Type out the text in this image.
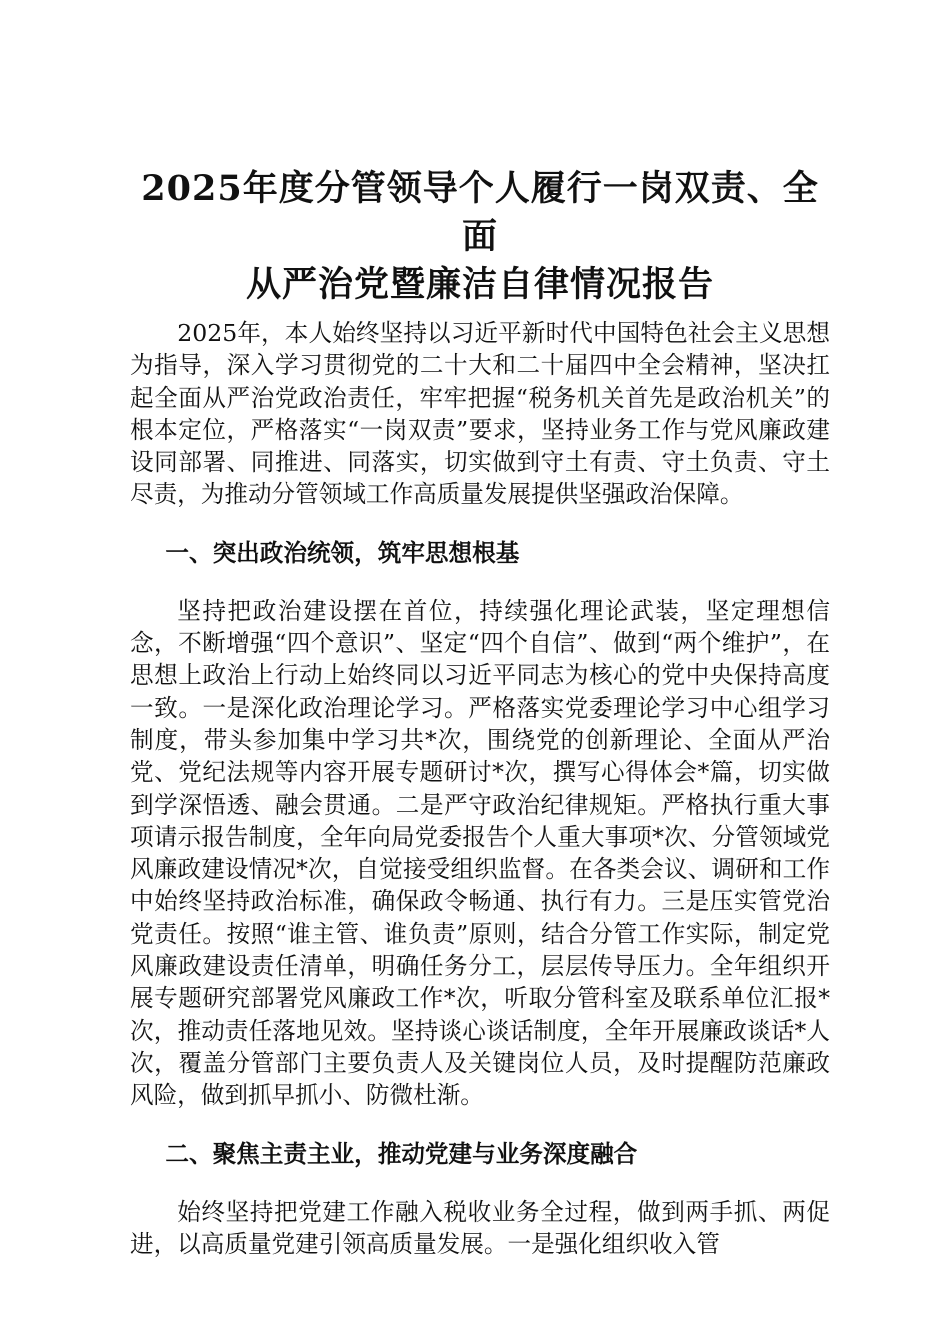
2025年度分管领导个人履行一岗双责、全面
从严治党暨廉洁自律情况报告

2025年，本人始终坚持以习近平新时代中国特色社会主义思想为指导，深入学习贯彻党的二十大和二十届四中全会精神，坚决扛起全面从严治党政治责任，牢牢把握“税务机关首先是政治机关”的根本定位，严格落实“一岗双责”要求，坚持业务工作与党风廉政建设同部署、同推进、同落实，切实做到守土有责、守土负责、守土尽责，为推动分管领域工作高质量发展提供坚强政治保障。

一、突出政治统领，筑牢思想根基

坚持把政治建设摆在首位，持续强化理论武装，坚定理想信念，不断增强“四个意识”、坚定“四个自信”、做到“两个维护”，在思想上政治上行动上始终同以习近平同志为核心的党中央保持高度一致。一是深化政治理论学习。严格落实党委理论学习中心组学习制度，带头参加集中学习共*次，围绕党的创新理论、全面从严治党、党纪法规等内容开展专题研讨*次，撰写心得体会*篇，切实做到学深悟透、融会贯通。二是严守政治纪律规矩。严格执行重大事项请示报告制度，全年向局党委报告个人重大事项*次、分管领域党风廉政建设情况*次，自觉接受组织监督。在各类会议、调研和工作中始终坚持政治标准，确保政令畅通、执行有力。三是压实管党治党责任。按照“谁主管、谁负责”原则，结合分管工作实际，制定党风廉政建设责任清单，明确任务分工，层层传导压力。全年组织开展专题研究部署党风廉政工作*次，听取分管科室及联系单位汇报*次，推动责任落地见效。坚持谈心谈话制度，全年开展廉政谈话*人次，覆盖分管部门主要负责人及关键岗位人员，及时提醒防范廉政风险，做到抓早抓小、防微杜渐。

二、聚焦主责主业，推动党建与业务深度融合

始终坚持把党建工作融入税收业务全过程，做到两手抓、两促进，以高质量党建引领高质量发展。一是强化组织收入管
